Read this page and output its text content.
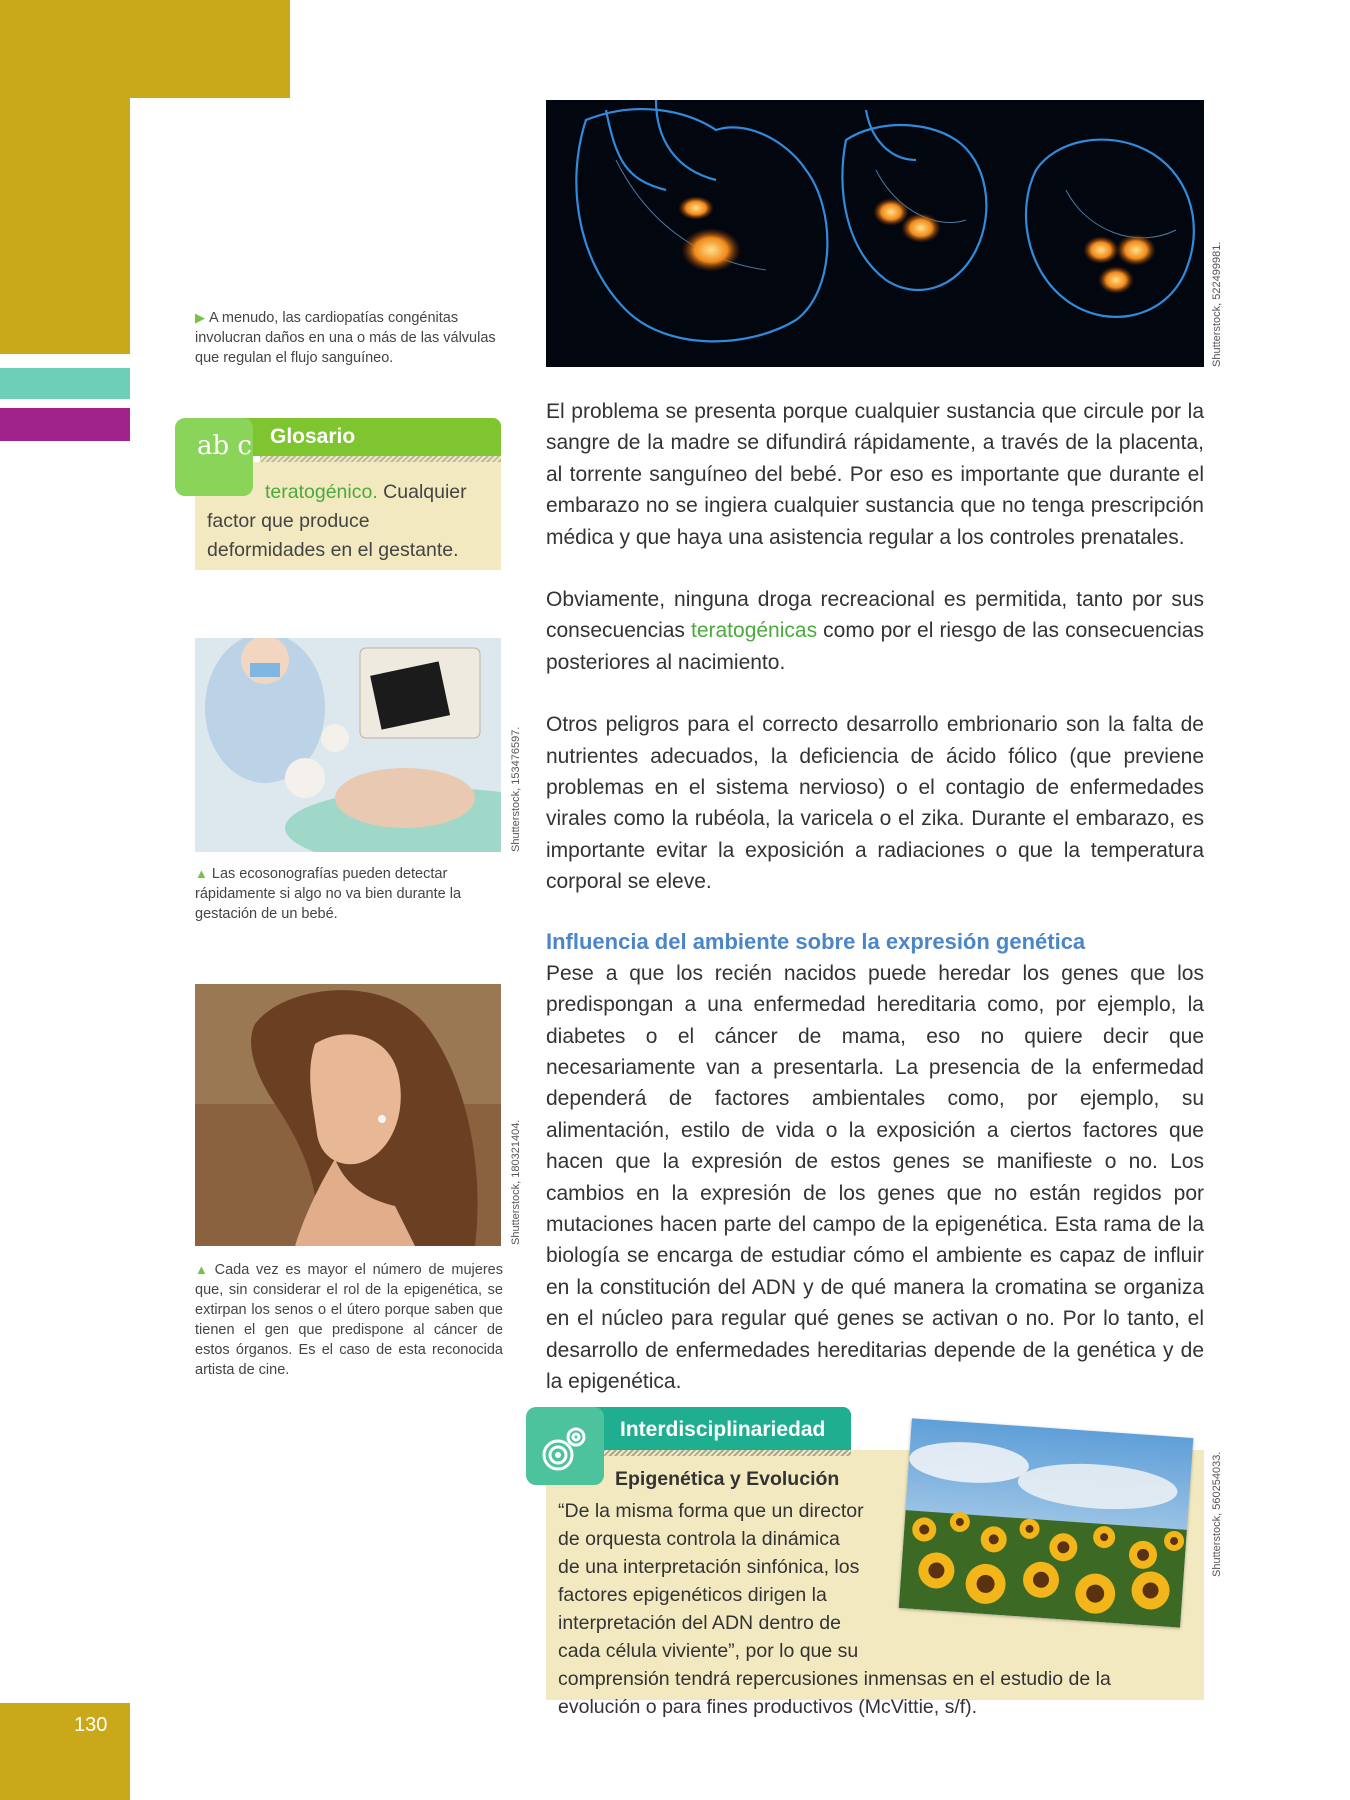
130
Shutterstock, 522499981.
▶ A menudo, las cardiopatías congénitas involucran daños en una o más de las válvulas que regulan el flujo sanguíneo.
ab c Glosario
teratogénico. Cualquier factor que produce deformidades en el gestante.
Shutterstock, 153476597.
▲ Las ecosonografías pueden detectar rápidamente si algo no va bien durante la gestación de un bebé.
Shutterstock, 180321404.
▲ Cada vez es mayor el número de mujeres que, sin considerar el rol de la epigenética, se extirpan los senos o el útero porque saben que tienen el gen que predispone al cáncer de estos órganos. Es el caso de esta reconocida artista de cine.

El problema se presenta porque cualquier sustancia que circule por la sangre de la madre se difundirá rápidamente, a través de la placenta, al torrente sanguíneo del bebé. Por eso es importante que durante el embarazo no se ingiera cualquier sustancia que no tenga prescripción médica y que haya una asistencia regular a los controles prenatales.

Obviamente, ninguna droga recreacional es permitida, tanto por sus consecuencias teratogénicas como por el riesgo de las consecuencias posteriores al nacimiento.

Otros peligros para el correcto desarrollo embrionario son la falta de nutrientes adecuados, la deficiencia de ácido fólico (que previene problemas en el sistema nervioso) o el contagio de enfermedades virales como la rubéola, la varicela o el zika. Durante el embarazo, es importante evitar la exposición a radiaciones o que la temperatura corporal se eleve.

Influencia del ambiente sobre la expresión genética

Pese a que los recién nacidos puede heredar los genes que los predispongan a una enfermedad hereditaria como, por ejemplo, la diabetes o el cáncer de mama, eso no quiere decir que necesariamente van a presentarla. La presencia de la enfermedad dependerá de factores ambientales como, por ejemplo, su alimentación, estilo de vida o la exposición a ciertos factores que hacen que la expresión de estos genes se manifieste o no. Los cambios en la expresión de los genes que no están regidos por mutaciones hacen parte del campo de la epigenética. Esta rama de la biología se encarga de estudiar cómo el ambiente es capaz de influir en la constitución del ADN y de qué manera la cromatina se organiza en el núcleo para regular qué genes se activan o no. Por lo tanto, el desarrollo de enfermedades hereditarias depende de la genética y de la epigenética.

Interdisciplinariedad
Shutterstock, 560254033.
Epigenética y Evolución
“De la misma forma que un director de orquesta controla la dinámica de una interpretación sinfónica, los factores epigenéticos dirigen la interpretación del ADN dentro de cada célula viviente”, por lo que su comprensión tendrá repercusiones inmensas en el estudio de la evolución o para fines productivos (McVittie, s/f).
